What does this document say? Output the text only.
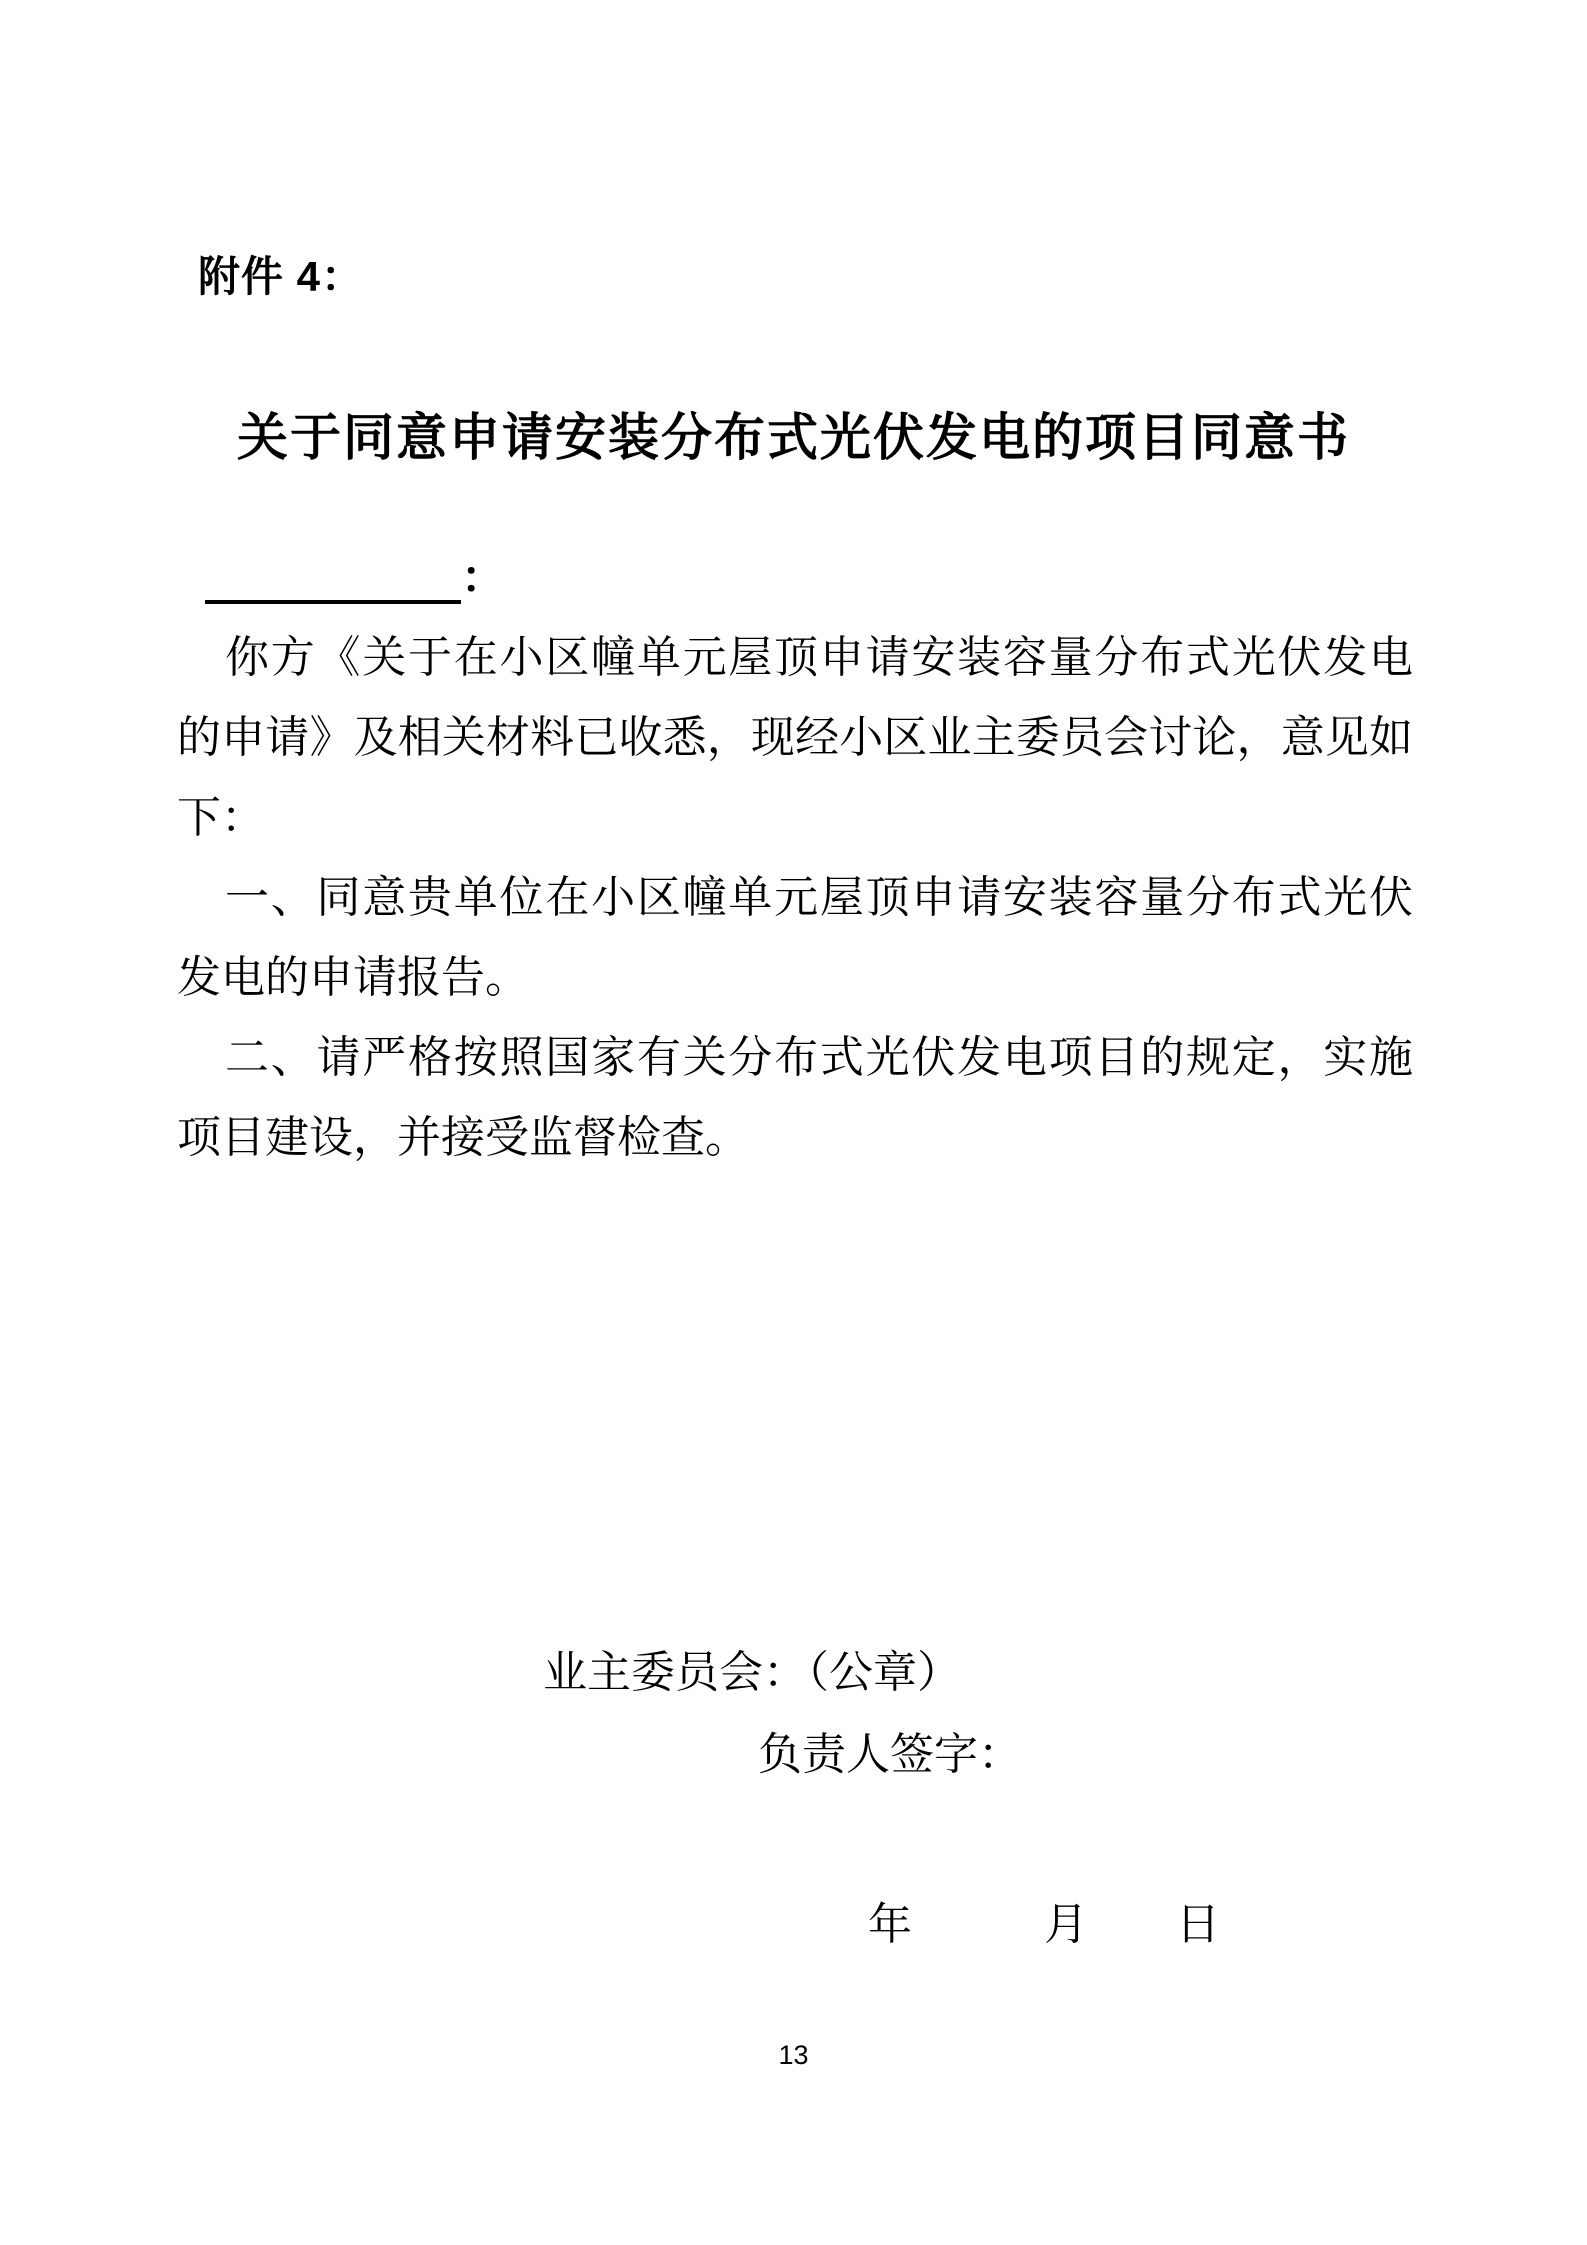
附件 4：
关于同意申请安装分布式光伏发电的项目同意书
：
你方《关于在小区幢单元屋顶申请安装容量分布式光伏发电
的申请》及相关材料已收悉，现经小区业主委员会讨论，意见如
下：
一、同意贵单位在小区幢单元屋顶申请安装容量分布式光伏
发电的申请报告。
二、请严格按照国家有关分布式光伏发电项目的规定，实施
项目建设，并接受监督检查。
业主委员会：（公章）
负责人签字：
年　　　月　　日
13
